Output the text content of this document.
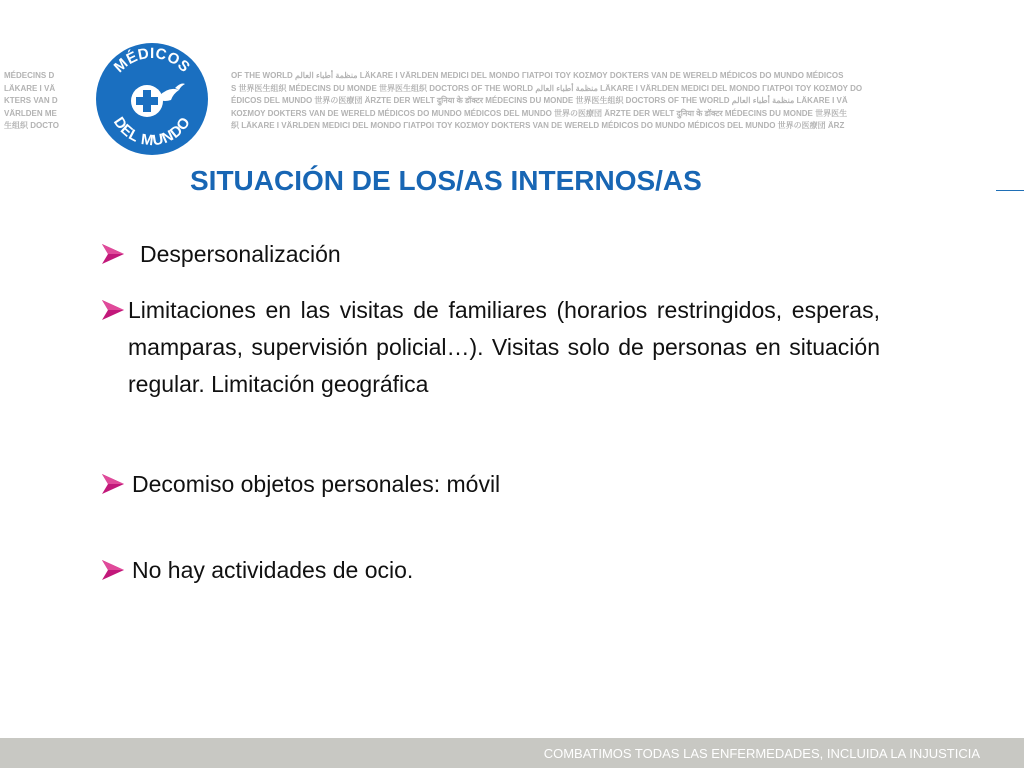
MÉDECINS D
LÄKARE I VÄ
KTERS VAN D
VÄRLDEN ME
生组织 DOCTO
OF THE WORLD منظمة أطباء العالم LÄKARE I VÄRLDEN MEDICI DEL MONDO ΓΙΑΤΡΟΙ ΤΟΥ ΚΟΣΜΟΥ DOKTERS VAN DE WERELD MÉDICOS DO MUNDO MÉDICOS
S 世界医生组织 MÉDECINS DU MONDE 世界医生组织 DOCTORS OF THE WORLD منظمة أطباء العالم LÄKARE I VÄRLDEN MEDICI DEL MONDO ΓΙΑΤΡΟΙ ΤΟΥ ΚΟΣΜΟΥ DO
ÉDICOS DEL MUNDO 世界の医療団 ÄRZTE DER WELT दुनिया के डॉक्टर MÉDECINS DU MONDE 世界医生组织 DOCTORS OF THE WORLD منظمة أطباء العالم LÄKARE I VÄ
ΚΟΣΜΟΥ DOKTERS VAN DE WERELD MÉDICOS DO MUNDO MÉDICOS DEL MUNDO 世界の医療団 ÄRZTE DER WELT दुनिया के डॉक्टर MÉDECINS DU MONDE 世界医生
织 LÄKARE I VÄRLDEN MEDICI DEL MONDO ΓΙΑΤΡΟΙ ΤΟΥ ΚΟΣΜΟΥ DOKTERS VAN DE WERELD MÉDICOS DO MUNDO MÉDICOS DEL MUNDO 世界の医療団 ÄRZ
MÉDICOS
DEL MUNDO
SITUACIÓN DE LOS/AS INTERNOS/AS
Despersonalización
Limitaciones en las visitas de familiares (horarios restringidos, esperas, mamparas, supervisión policial…). Visitas solo de personas en situación regular. Limitación geográfica
Decomiso objetos personales: móvil
No hay actividades de ocio.
COMBATIMOS TODAS LAS ENFERMEDADES, INCLUIDA LA INJUSTICIA
